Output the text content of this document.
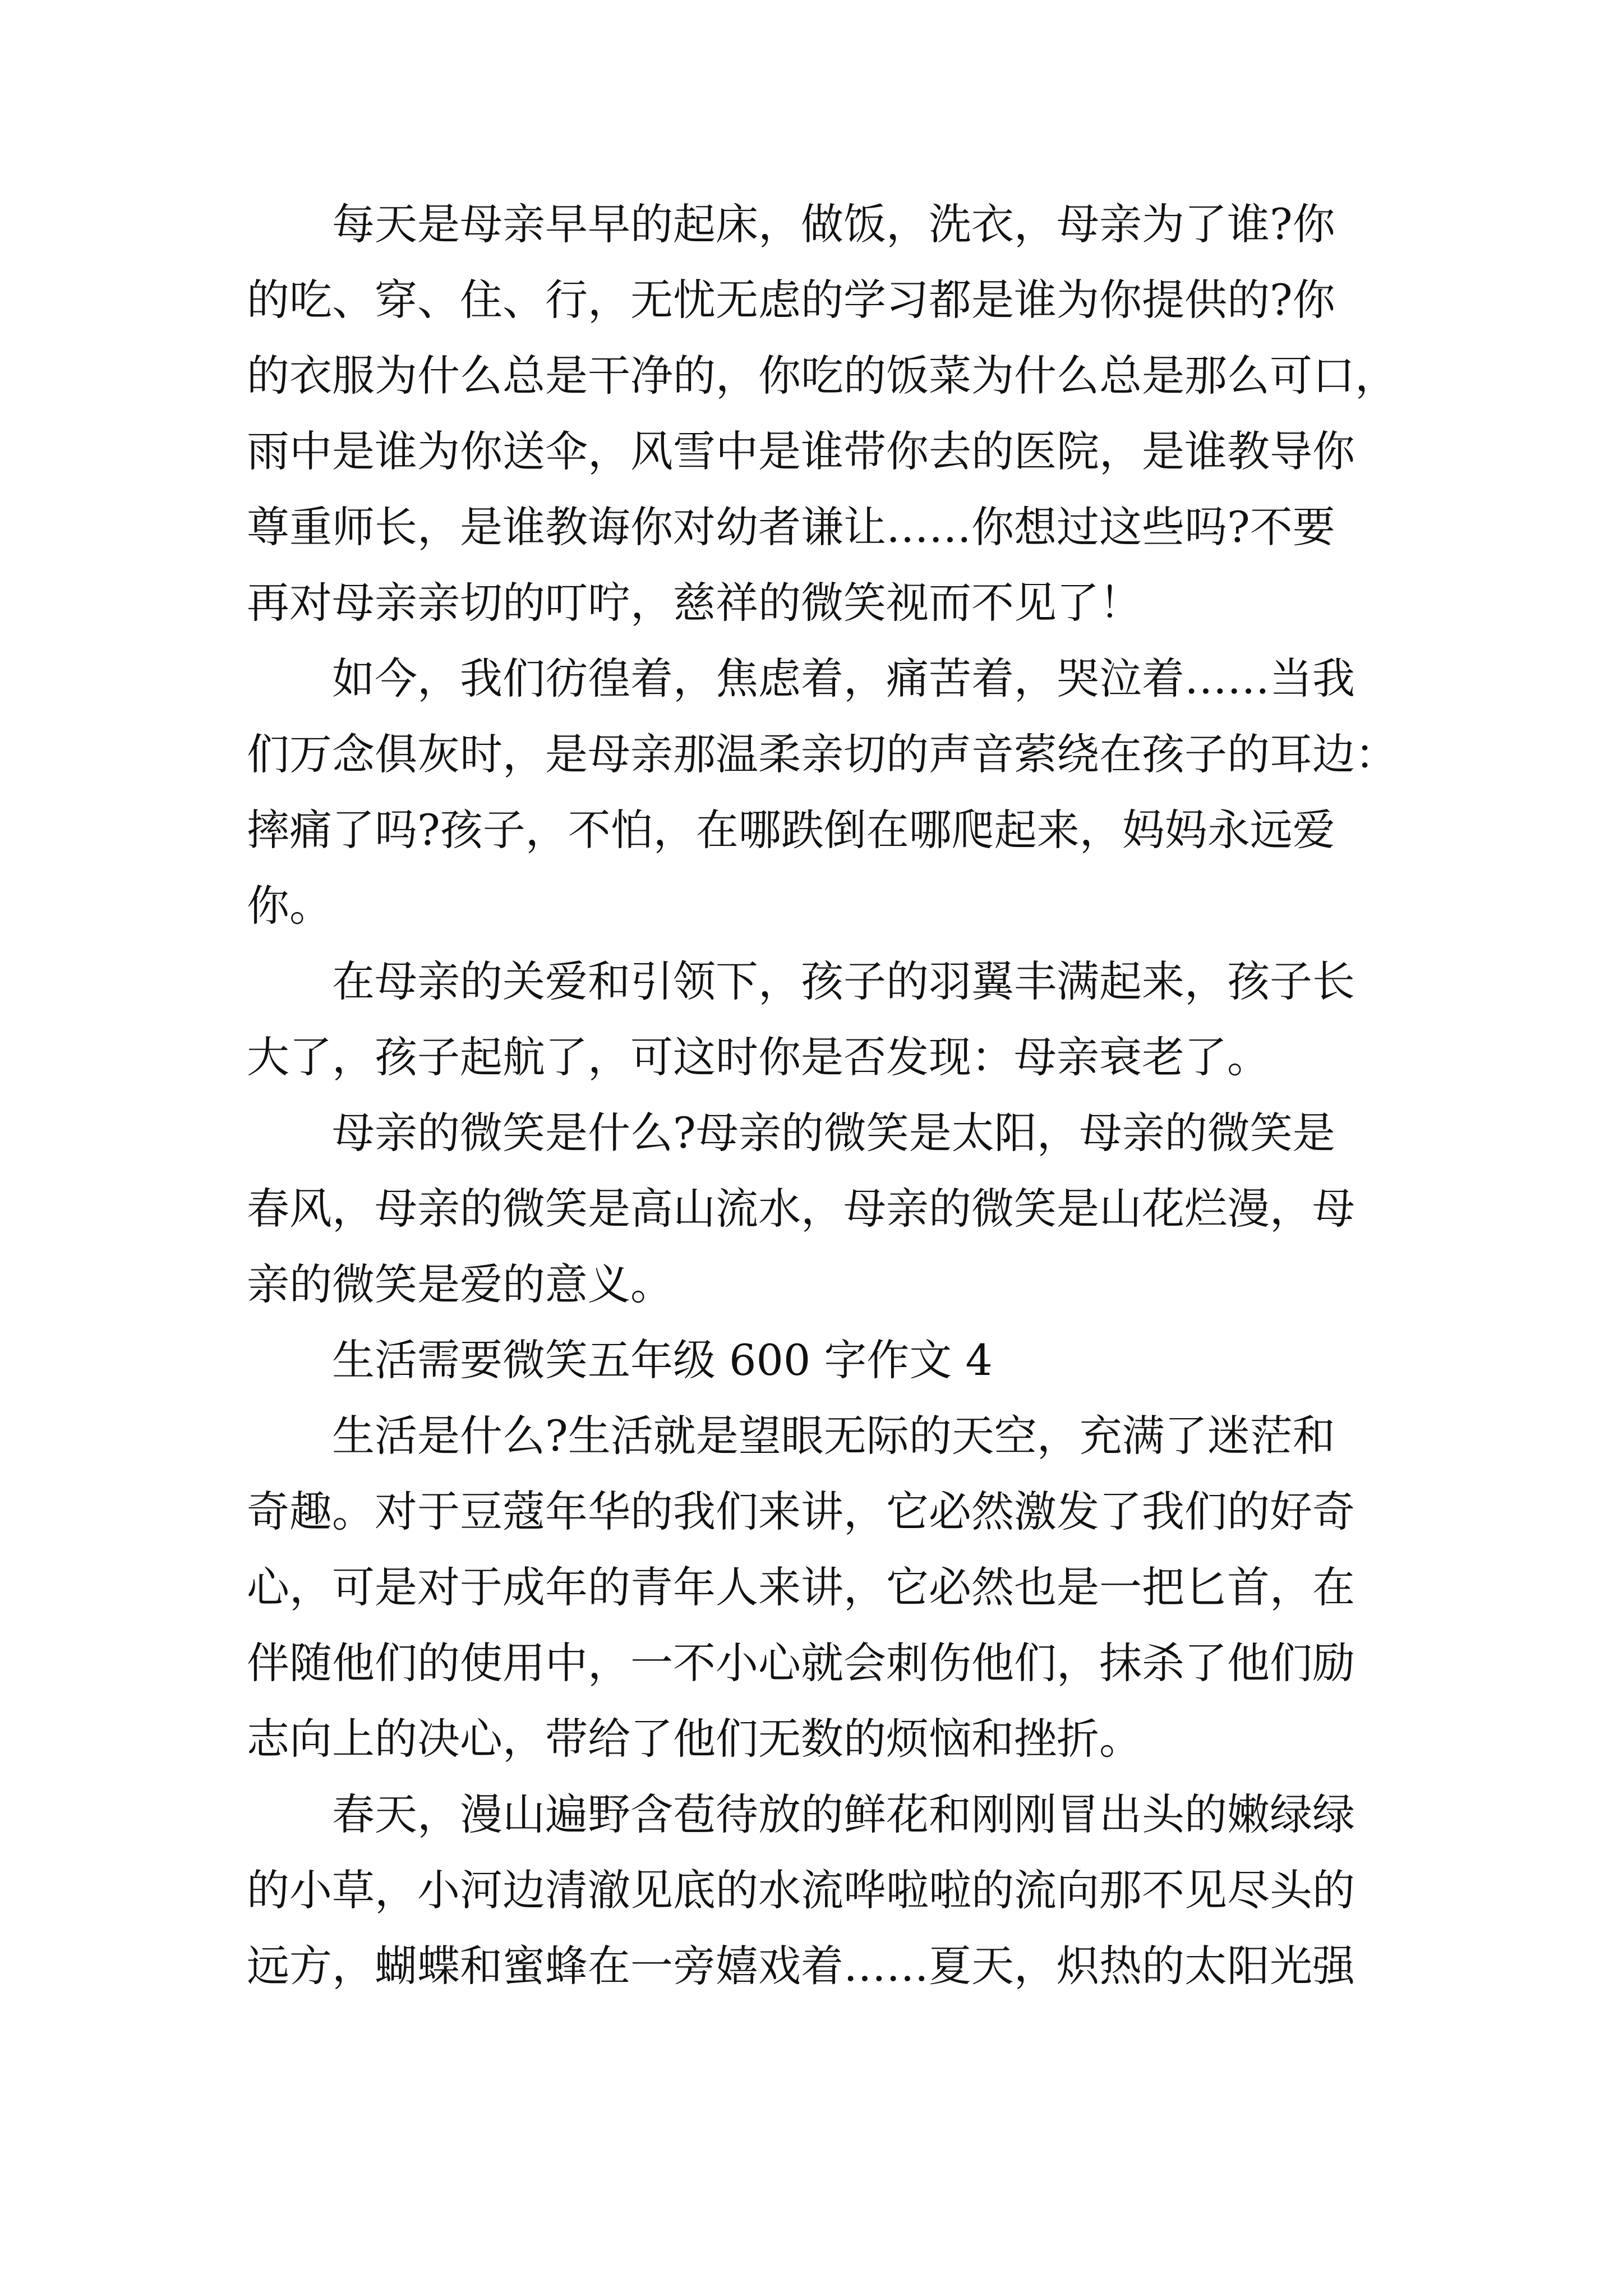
　　每天是母亲早早的起床，做饭，洗衣，母亲为了谁?你
的吃、穿、住、行，无忧无虑的学习都是谁为你提供的?你
的衣服为什么总是干净的，你吃的饭菜为什么总是那么可口，
雨中是谁为你送伞，风雪中是谁带你去的医院，是谁教导你
尊重师长，是谁教诲你对幼者谦让……你想过这些吗?不要
再对母亲亲切的叮咛，慈祥的微笑视而不见了！
　　如今，我们彷徨着，焦虑着，痛苦着，哭泣着……当我
们万念俱灰时，是母亲那温柔亲切的声音萦绕在孩子的耳边：
摔痛了吗?孩子，不怕，在哪跌倒在哪爬起来，妈妈永远爱
你。
　　在母亲的关爱和引领下，孩子的羽翼丰满起来，孩子长
大了，孩子起航了，可这时你是否发现：母亲衰老了。
　　母亲的微笑是什么?母亲的微笑是太阳，母亲的微笑是
春风，母亲的微笑是高山流水，母亲的微笑是山花烂漫，母
亲的微笑是爱的意义。
　　生活需要微笑五年级 600 字作文 4
　　生活是什么?生活就是望眼无际的天空，充满了迷茫和
奇趣。对于豆蔻年华的我们来讲，它必然激发了我们的好奇
心，可是对于成年的青年人来讲，它必然也是一把匕首，在
伴随他们的使用中，一不小心就会刺伤他们，抹杀了他们励
志向上的决心，带给了他们无数的烦恼和挫折。
　　春天，漫山遍野含苞待放的鲜花和刚刚冒出头的嫩绿绿
的小草，小河边清澈见底的水流哗啦啦的流向那不见尽头的
远方，蝴蝶和蜜蜂在一旁嬉戏着……夏天，炽热的太阳光强
